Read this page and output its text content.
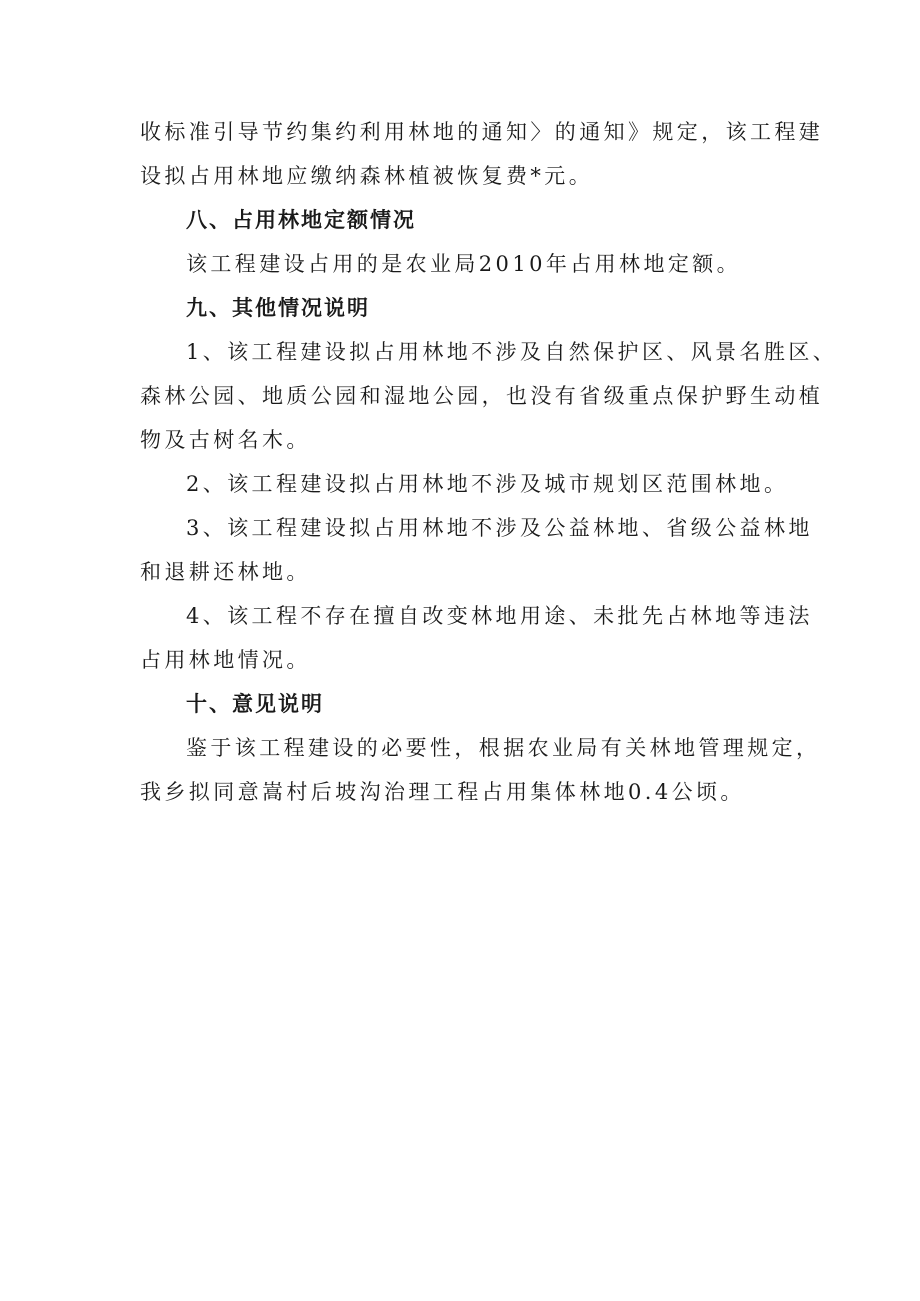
收标准引导节约集约利用林地的通知〉的通知》规定，该工程建
设拟占用林地应缴纳森林植被恢复费*元。
八、占用林地定额情况
该工程建设占用的是农业局2010年占用林地定额。
九、其他情况说明
1、该工程建设拟占用林地不涉及自然保护区、风景名胜区、
森林公园、地质公园和湿地公园，也没有省级重点保护野生动植
物及古树名木。
2、该工程建设拟占用林地不涉及城市规划区范围林地。
3、该工程建设拟占用林地不涉及公益林地、省级公益林地
和退耕还林地。
4、该工程不存在擅自改变林地用途、未批先占林地等违法
占用林地情况。
十、意见说明
鉴于该工程建设的必要性，根据农业局有关林地管理规定，
我乡拟同意嵩村后坡沟治理工程占用集体林地0.4公顷。
